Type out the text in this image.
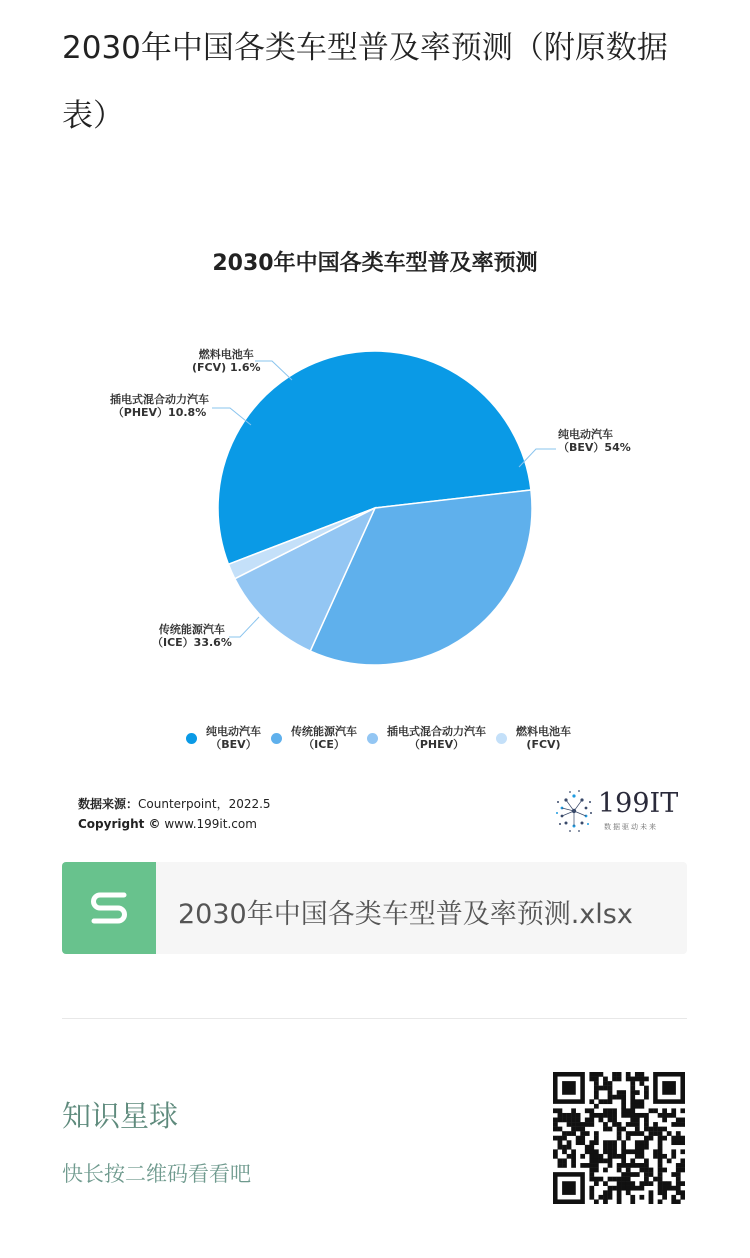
2030年中国各类车型普及率预测（附原数据表）
2030年中国各类车型普及率预测
纯电动汽车
（BEV）54%
燃料电池车
(FCV) 1.6%
插电式混合动力汽车
（PHEV）10.8%
传统能源汽车
（ICE）33.6%
纯电动汽车
（BEV）
传统能源汽车
（ICE）
插电式混合动力汽车
（PHEV）
燃料电池车
(FCV)
数据来源：Counterpoint，2022.5
Copyright © www.199it.com
199IT
数据驱动未来
2030年中国各类车型普及率预测.xlsx
知识星球
快长按二维码看看吧
